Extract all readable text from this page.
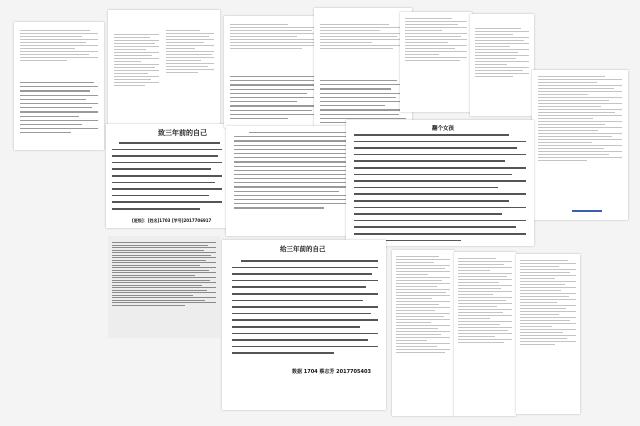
致三年前的自己
[班级]：[姓名]1703 [学号]2017706917
翻个女孩
给三年前的自己
数据 1704 蔡志芳 2017705403
